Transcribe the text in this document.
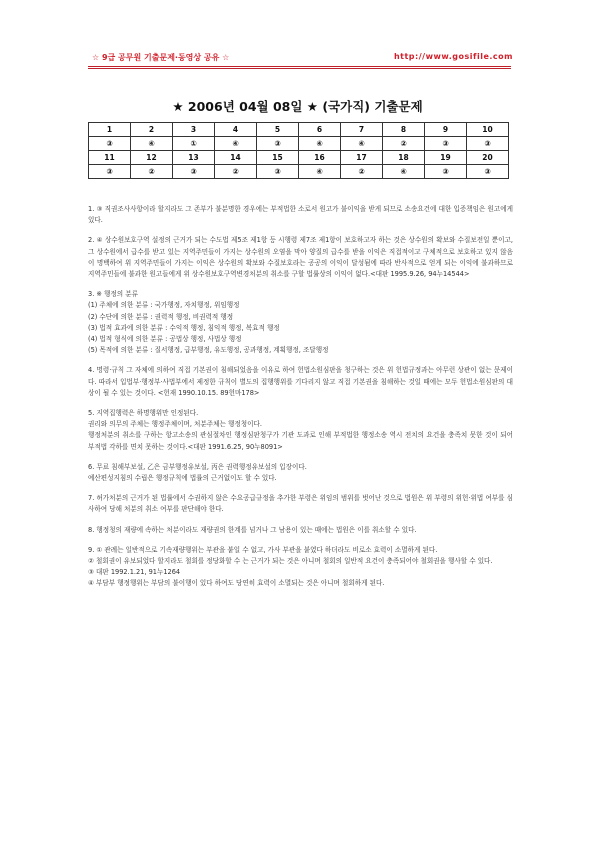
☆ 9급 공무원 기출문제·동영상 공유 ☆	http://www.gosifile.com
★ 2006년 04월 08일 ★ (국가직) 기출문제
1	2	3	4	5	6	7	8	9	10
③	④	①	④	③	④	④	②	③	③
11	12	13	14	15	16	17	18	19	20
③	②	③	②	③	④	②	④	③	③

1. ③ 직권조사사항이라 할지라도 그 존부가 불분명한 경우에는 부적법한 소로서 원고가 불이익을 받게 되므로 소송요건에 대한 입증책임은 원고에게 있다.

2. ④ 상수원보호구역 설정의 근거가 되는 수도법 제5조 제1항 등 시행령 제7조 제1항이 보호하고자 하는 것은 상수원의 확보와 수질보전일 뿐이고, 그 상수원에서 급수를 받고 있는 지역주민들이 가지는 상수원의 오염을 막아 양질의 급수를 받을 이익은 직접적이고 구체적으로 보호하고 있지 않음이 명백하여 위 지역주민들이 가지는 이익은 상수원의 확보와 수질보호라는 공공의 이익이 달성됨에 따라 반사적으로 얻게 되는 이익에 불과하므로 지역주민들에 불과한 원고들에게 위 상수원보호구역변경처분의 취소를 구할 법률상의 이익이 없다.<대판 1995.9.26, 94누14544>

3. ※ 행정의 분류
(1) 주체에 의한 분류 : 국가행정, 자치행정, 위임행정
(2) 수단에 의한 분류 : 권력적 행정, 비권력적 행정
(3) 법적 효과에 의한 분류 : 수익적 행정, 침익적 행정, 복효적 행정
(4) 법적 형식에 의한 분류 : 공법상 행정, 사법상 행정
(5) 목적에 의한 분류 : 질서행정, 급부행정, 유도행정, 공과행정, 계획행정, 조달행정

4. 명령·규칙 그 자체에 의하여 직접 기본권이 침해되었음을 이유로 하여 헌법소원심판을 청구하는 것은 위 헌법규정과는 아무런 상관이 없는 문제이다. 따라서 입법부·행정부·사법부에서 제정한 규칙이 별도의 집행행위를 기다리지 않고 직접 기본권을 침해하는 것일 때에는 모두 헌법소원심판의 대상이 될 수 있는 것이다. <헌재 1990.10.15. 89헌마178>

5. 지역집행력은 하명행위만 인정된다.
권리와 의무의 주체는 행정주체이며, 처분주체는 행정청이다.
행정처분의 취소를 구하는 항고소송의 관심절차인 행정심판청구가 기관 도과로 인해 부적법한 행정소송 역시 전치의 요건을 충족치 못한 것이 되어 부적법 각하를 면치 못하는 것이다.<대판 1991.6.25, 90누8091>

6. 무료 침해부보설, 乙은 금부행정유보설, 丙은 권력행정유보설의 입장이다.
예산편성지침의 수립은 행정규칙에 법률의 근거없이도 할 수 있다.

7. 허가처분의 근거가 된 법률에서 수권하지 않은 수요공급규정을 추가한 부령은 위임의 범위를 벗어난 것으로 법원은 위 부령의 위헌·위법 여부를 심사하여 당해 처분의 취소 여부를 판단해야 한다.

8. 행정청의 재량에 속하는 처분이라도 재량권의 한계를 넘거나 그 남용이 있는 때에는 법원은 이를 취소할 수 있다.

9. ① 관례는 일반적으로 기속재량행위는 부관을 붙일 수 없고, 가사 부관을 붙였다 하더라도 비로소 효력이 소멸하게 된다.
② 철회권이 유보되었다 할지라도 철회를 정당화할 수 는 근거가 되는 것은 아니며 철회의 일반적 요건이 충족되어야 철회권을 행사할 수 있다.
③ 대판 1992.1.21, 91누1264
④ 부담부 행정행위는 부담의 불이행이 있다 하여도 당연히 효력이 소멸되는 것은 아니며 철회하게 된다.
